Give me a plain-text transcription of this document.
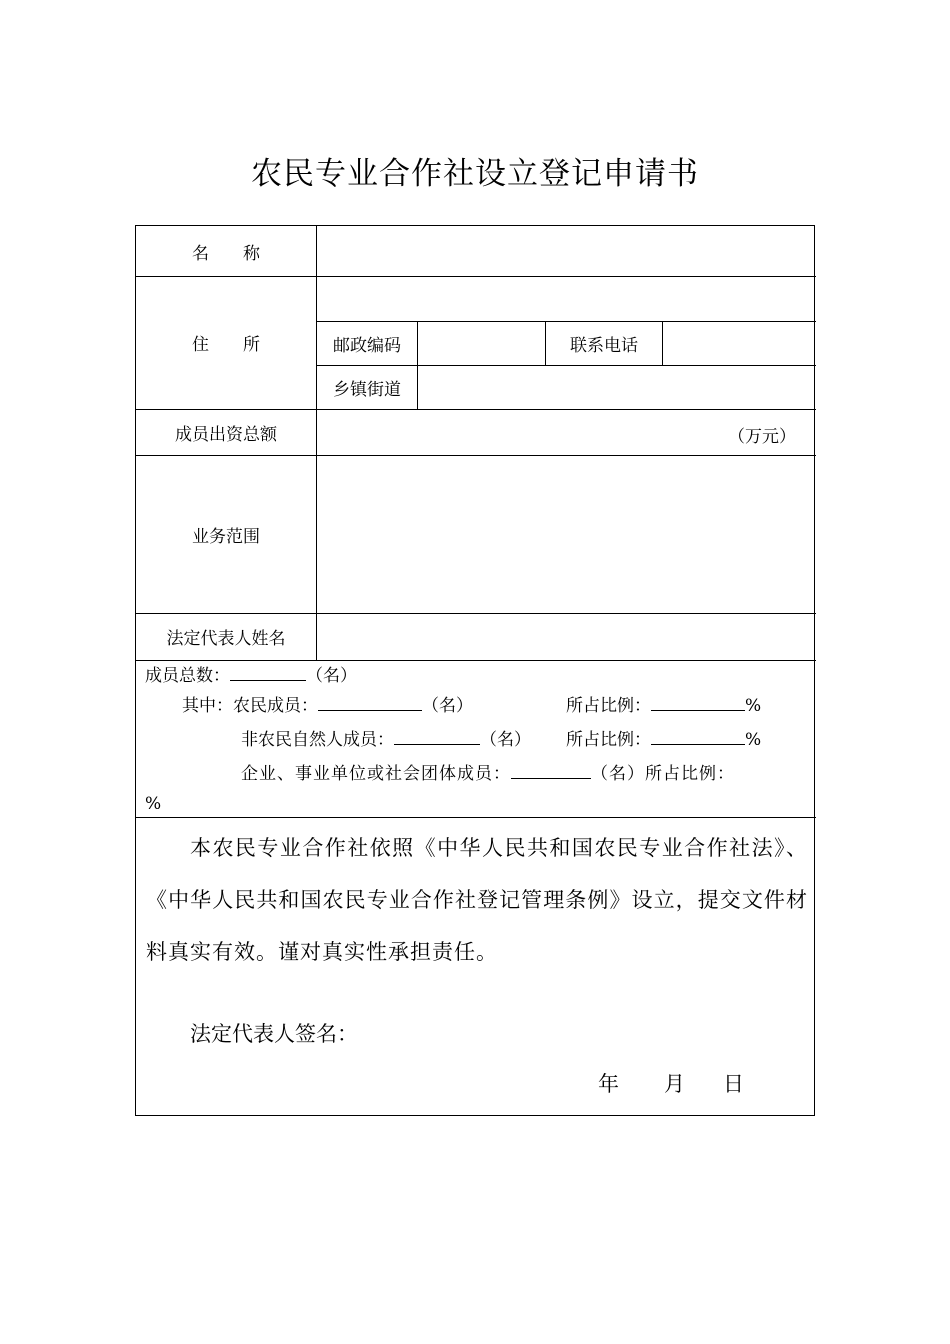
农民专业合作社设立登记申请书
名　　称
住　　所	邮政编码	联系电话
乡镇街道
成员出资总额	（万元）
业务范围
法定代表人姓名
成员总数：	（名）
其中：农民成员：	（名）	所占比例：	%
非农民自然人成员：	（名） 所占比例：	%
企业、事业单位或社会团体成员：	（名）所占比例：
%
本农民专业合作社依照《中华人民共和国农民专业合作社法》、《中华人民共和国农民专业合作社登记管理条例》设立，提交文件材料真实有效。谨对真实性承担责任。
法定代表人签名：
年 月 日
